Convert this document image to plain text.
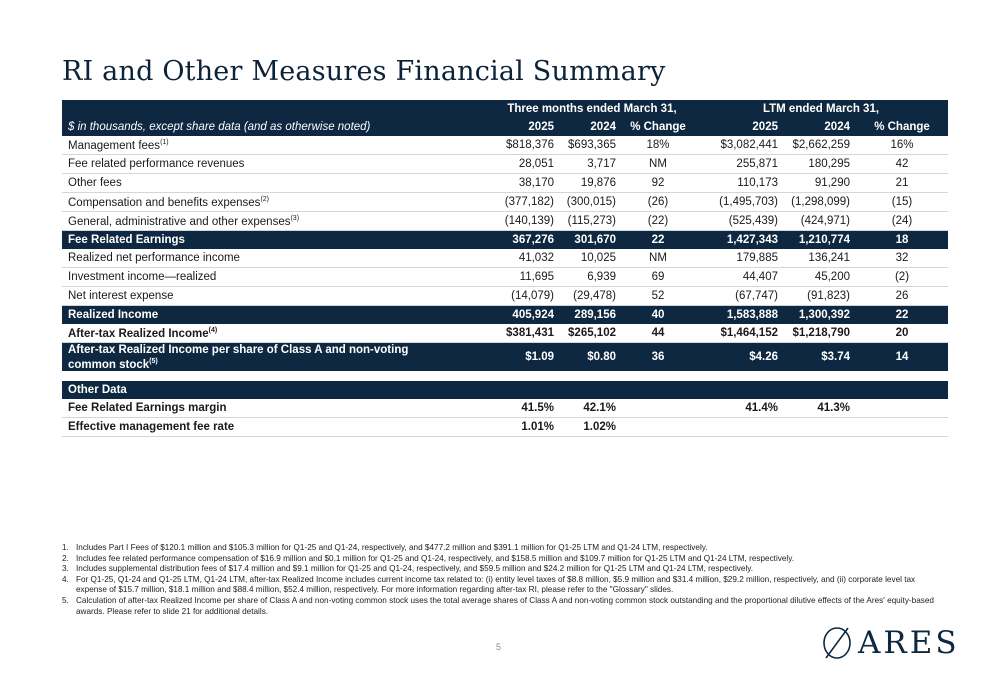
RI and Other Measures Financial Summary
	Three months ended March 31,			LTM ended March 31,		
$ in thousands, except share data (and as otherwise noted)	2025	2024	% Change	2025	2024	% Change
Management fees$^{(1)}$	$818,376	$693,365	18%	$3,082,441	$2,662,259	16%
Fee related performance revenues	28,051	3,717	NM	255,871	180,295	42
Other fees	38,170	19,876	92	110,173	91,290	21
Compensation and benefits expenses$^{(2)}$	(377,182)	(300,015)	(26)	(1,495,703)	(1,298,099)	(15)
General, administrative and other expenses$^{(3)}$	(140,139)	(115,273)	(22)	(525,439)	(424,971)	(24)
Fee Related Earnings	367,276	301,670	22	1,427,343	1,210,774	18
Realized net performance income	41,032	10,025	NM	179,885	136,241	32
Investment income—realized	11,695	6,939	69	44,407	45,200	(2)
Net interest expense	(14,079)	(29,478)	52	(67,747)	(91,823)	26
Realized Income	405,924	289,156	40	1,583,888	1,300,392	22
After-tax Realized Income$^{(4)}$	$381,431	$265,102	44	$1,464,152	$1,218,790	20
After-tax Realized Income per share of Class A and non-voting
common stock$^{(5)}$	$1.09	$0.80	36	$4.26	$3.74	14
Other Data						
Fee Related Earnings margin	41.5%	42.1%		41.4%	41.3%	
Effective management fee rate	1.01%	1.02%				
1. Includes Part I Fees of $120.1 million and $105.3 million for Q1-25 and Q1-24, respectively, and $477.2 million and $391.1 million for Q1-25 LTM and Q1-24 LTM, respectively.
2. Includes fee related performance compensation of $16.9 million and $0.1 million for Q1-25 and Q1-24, respectively, and $158.5 million and $109.7 million for Q1-25 LTM and Q1-24 LTM, respectively.
3. Includes supplemental distribution fees of $17.4 million and $9.1 million for Q1-25 and Q1-24, respectively, and $59.5 million and $24.2 million for Q1-25 LTM and Q1-24 LTM, respectively.
4. For Q1-25, Q1-24 and Q1-25 LTM, Q1-24 LTM, after-tax Realized Income includes current income tax related to: (i) entity level taxes of $8.8 million, $5.9 million and $31.4 million, $29.2 million, respectively, and (ii) corporate level tax expense of $15.7 million, $18.1 million and $88.4 million, $52.4 million, respectively. For more information regarding after-tax RI, please refer to the "Glossary" slides.
5. Calculation of after-tax Realized Income per share of Class A and non-voting common stock uses the total average shares of Class A and non-voting common stock outstanding and the proportional dilutive effects of the Ares' equity-based awards. Please refer to slide 21 for additional details.
5	ARES
